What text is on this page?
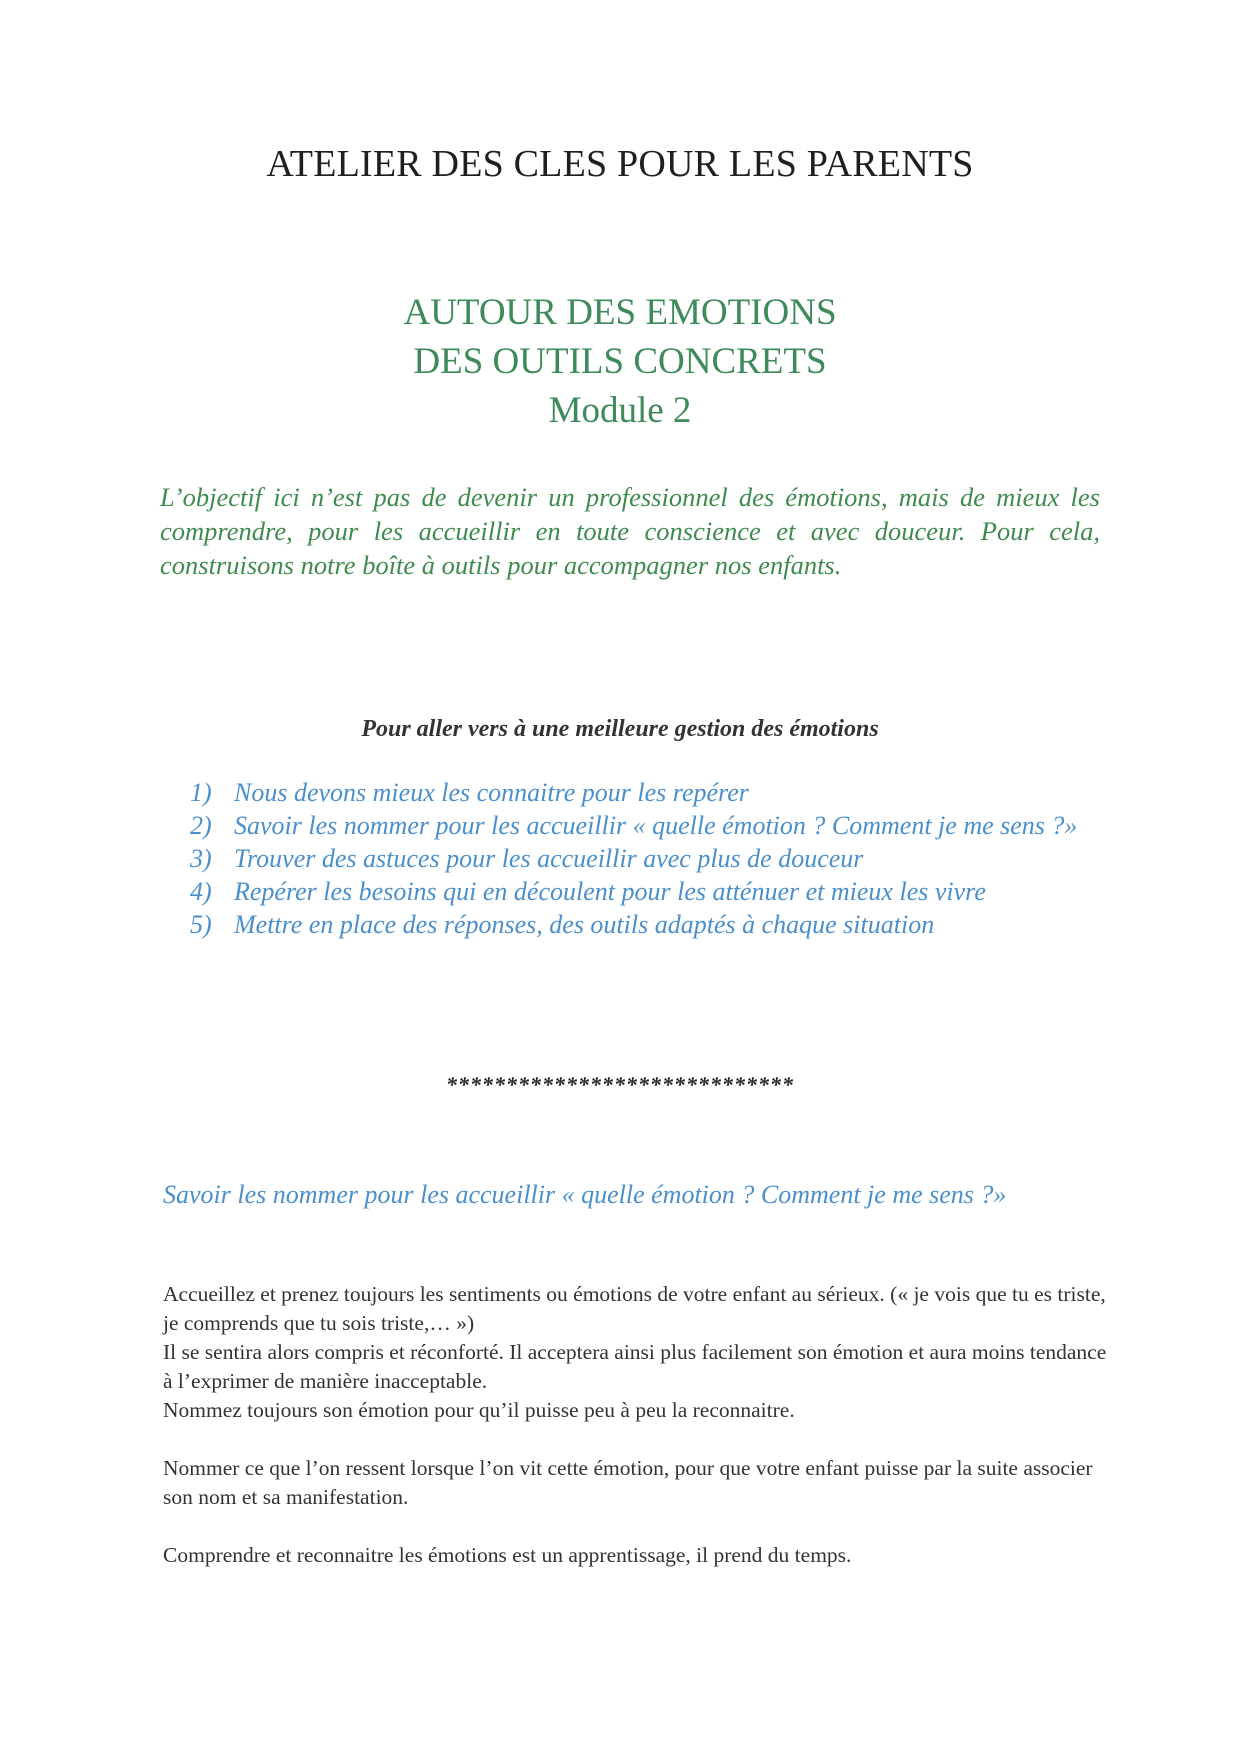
ATELIER DES CLES POUR LES PARENTS
AUTOUR DES EMOTIONS
DES OUTILS CONCRETS
Module 2

L’objectif ici n’est pas de devenir un professionnel des émotions, mais de mieux les comprendre, pour les accueillir en toute conscience et avec douceur. Pour cela, construisons notre boîte à outils pour accompagner nos enfants.

Pour aller vers à une meilleure gestion des émotions
1) Nous devons mieux les connaitre pour les repérer
2) Savoir les nommer pour les accueillir « quelle émotion ? Comment je me sens ?»
3) Trouver des astuces pour les accueillir avec plus de douceur
4) Repérer les besoins qui en découlent pour les atténuer et mieux les vivre
5) Mettre en place des réponses, des outils adaptés à chaque situation
*****************************
Savoir les nommer pour les accueillir « quelle émotion ? Comment je me sens ?»

Accueillez et prenez toujours les sentiments ou émotions de votre enfant au sérieux. (« je vois que tu es triste, je comprends que tu sois triste,… »)
Il se sentira alors compris et réconforté. Il acceptera ainsi plus facilement son émotion et aura moins tendance à l’exprimer de manière inacceptable.
Nommez toujours son émotion pour qu’il puisse peu à peu la reconnaitre.

Nommer ce que l’on ressent lorsque l’on vit cette émotion, pour que votre enfant puisse par la suite associer son nom et sa manifestation.

Comprendre et reconnaitre les émotions est un apprentissage, il prend du temps.
